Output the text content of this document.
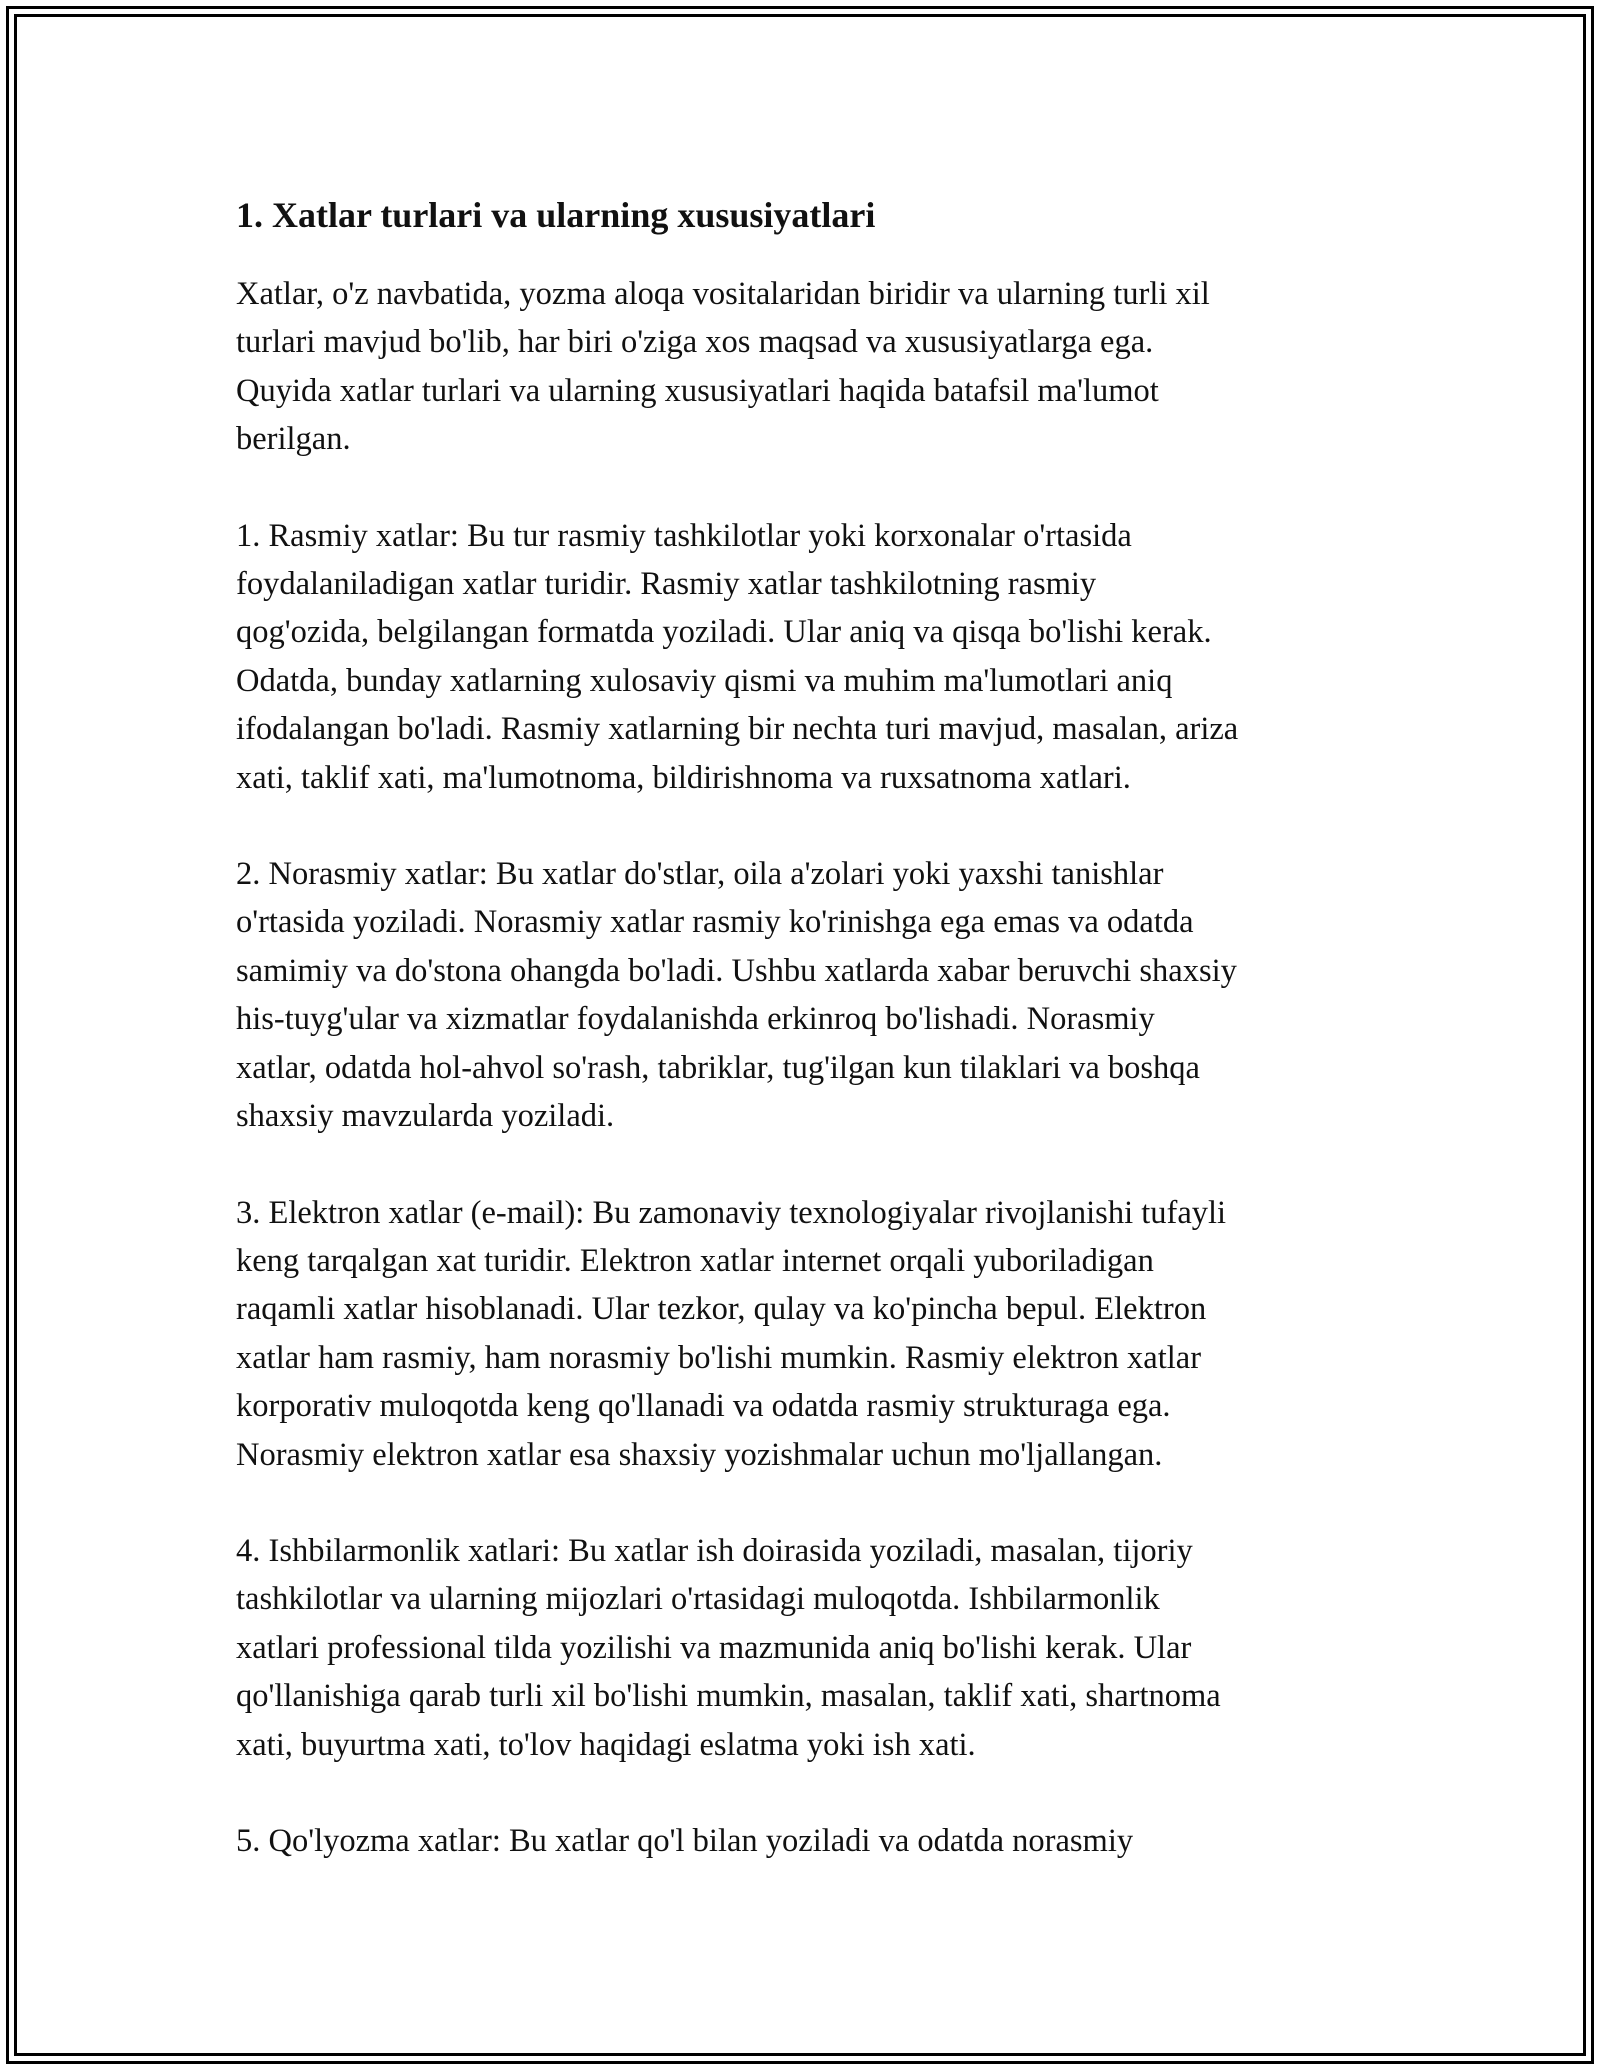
1. Xatlar turlari va ularning xususiyatlari

Xatlar, o'z navbatida, yozma aloqa vositalaridan biridir va ularning turli xil
turlari mavjud bo'lib, har biri o'ziga xos maqsad va xususiyatlarga ega.
Quyida xatlar turlari va ularning xususiyatlari haqida batafsil ma'lumot
berilgan.

1. Rasmiy xatlar: Bu tur rasmiy tashkilotlar yoki korxonalar o'rtasida
foydalaniladigan xatlar turidir. Rasmiy xatlar tashkilotning rasmiy
qog'ozida, belgilangan formatda yoziladi. Ular aniq va qisqa bo'lishi kerak.
Odatda, bunday xatlarning xulosaviy qismi va muhim ma'lumotlari aniq
ifodalangan bo'ladi. Rasmiy xatlarning bir nechta turi mavjud, masalan, ariza
xati, taklif xati, ma'lumotnoma, bildirishnoma va ruxsatnoma xatlari.

2. Norasmiy xatlar: Bu xatlar do'stlar, oila a'zolari yoki yaxshi tanishlar
o'rtasida yoziladi. Norasmiy xatlar rasmiy ko'rinishga ega emas va odatda
samimiy va do'stona ohangda bo'ladi. Ushbu xatlarda xabar beruvchi shaxsiy
his-tuyg'ular va xizmatlar foydalanishda erkinroq bo'lishadi. Norasmiy
xatlar, odatda hol-ahvol so'rash, tabriklar, tug'ilgan kun tilaklari va boshqa
shaxsiy mavzularda yoziladi.

3. Elektron xatlar (e-mail): Bu zamonaviy texnologiyalar rivojlanishi tufayli
keng tarqalgan xat turidir. Elektron xatlar internet orqali yuboriladigan
raqamli xatlar hisoblanadi. Ular tezkor, qulay va ko'pincha bepul. Elektron
xatlar ham rasmiy, ham norasmiy bo'lishi mumkin. Rasmiy elektron xatlar
korporativ muloqotda keng qo'llanadi va odatda rasmiy strukturaga ega.
Norasmiy elektron xatlar esa shaxsiy yozishmalar uchun mo'ljallangan.

4. Ishbilarmonlik xatlari: Bu xatlar ish doirasida yoziladi, masalan, tijoriy
tashkilotlar va ularning mijozlari o'rtasidagi muloqotda. Ishbilarmonlik
xatlari professional tilda yozilishi va mazmunida aniq bo'lishi kerak. Ular
qo'llanishiga qarab turli xil bo'lishi mumkin, masalan, taklif xati, shartnoma
xati, buyurtma xati, to'lov haqidagi eslatma yoki ish xati.

5. Qo'lyozma xatlar: Bu xatlar qo'l bilan yoziladi va odatda norasmiy
